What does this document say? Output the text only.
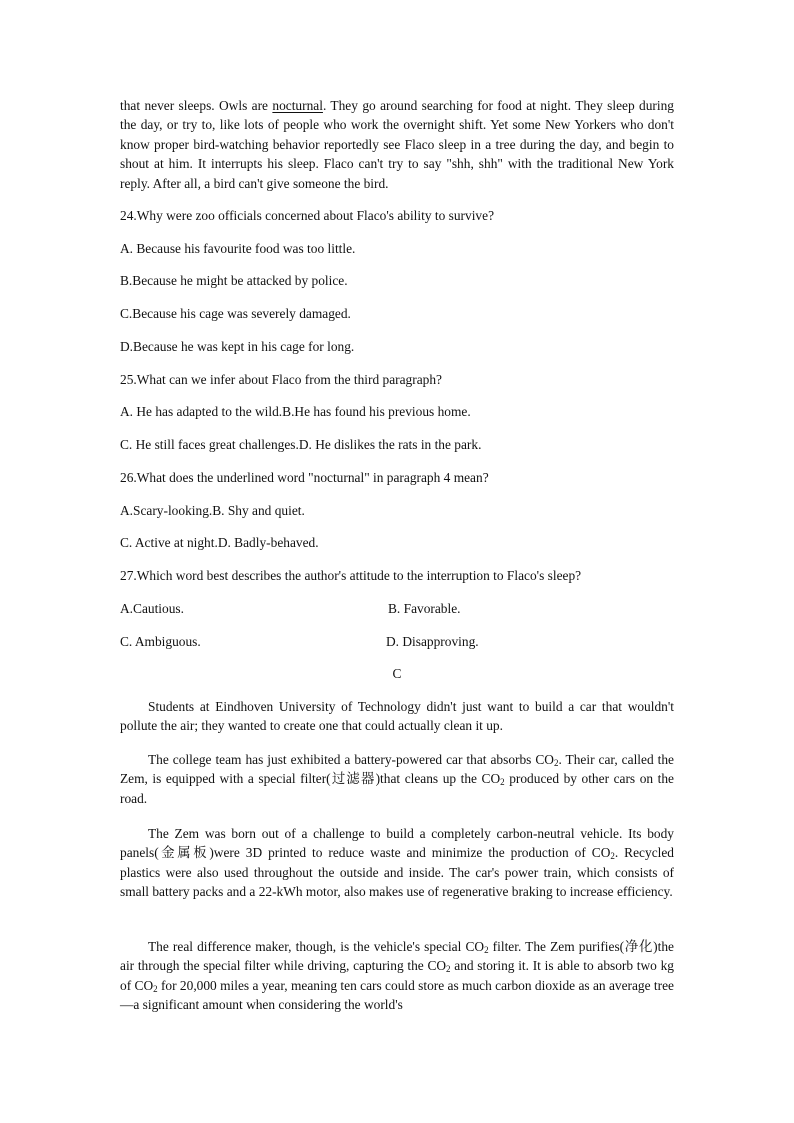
that never sleeps. Owls are nocturnal. They go around searching for food at night. They sleep during the day, or try to, like lots of people who work the overnight shift. Yet some New Yorkers who don't know proper bird-watching behavior reportedly see Flaco sleep in a tree during the day, and begin to shout at him. It interrupts his sleep. Flaco can't try to say "shh, shh" with the traditional New York reply. After all, a bird can't give someone the bird.

24.Why were zoo officials concerned about Flaco's ability to survive?
A. Because his favourite food was too little.
B.Because he might be attacked by police.
C.Because his cage was severely damaged.
D.Because he was kept in his cage for long.
25.What can we infer about Flaco from the third paragraph?
A. He has adapted to the wild.B.He has found his previous home.
C. He still faces great challenges.D. He dislikes the rats in the park.
26.What does the underlined word "nocturnal" in paragraph 4 mean?
A.Scary-looking.B. Shy and quiet.
C. Active at night.D. Badly-behaved.
27.Which word best describes the author's attitude to the interruption to Flaco's sleep?
A.Cautious.	B. Favorable.
C. Ambiguous.	D. Disapproving.
C

Students at Eindhoven University of Technology didn't just want to build a car that wouldn't pollute the air; they wanted to create one that could actually clean it up.

The college team has just exhibited a battery-powered car that absorbs $CO_2$. Their car, called the Zem, is equipped with a special filter(过滤器)that cleans up the $CO_2$ produced by other cars on the road.

The Zem was born out of a challenge to build a completely carbon-neutral vehicle. Its body panels(金属板)were 3D printed to reduce waste and minimize the production of $CO_2$. Recycled plastics were also used throughout the outside and inside. The car's power train, which consists of small battery packs and a 22-kWh motor, also makes use of regenerative braking to increase efficiency.

The real difference maker, though, is the vehicle's special $CO_2$ filter. The Zem purifies(净化)the air through the special filter while driving, capturing the $CO_2$ and storing it. It is able to absorb two kg of $CO_2$ for 20,000 miles a year, meaning ten cars could store as much carbon dioxide as an average tree—a significant amount when considering the world's
